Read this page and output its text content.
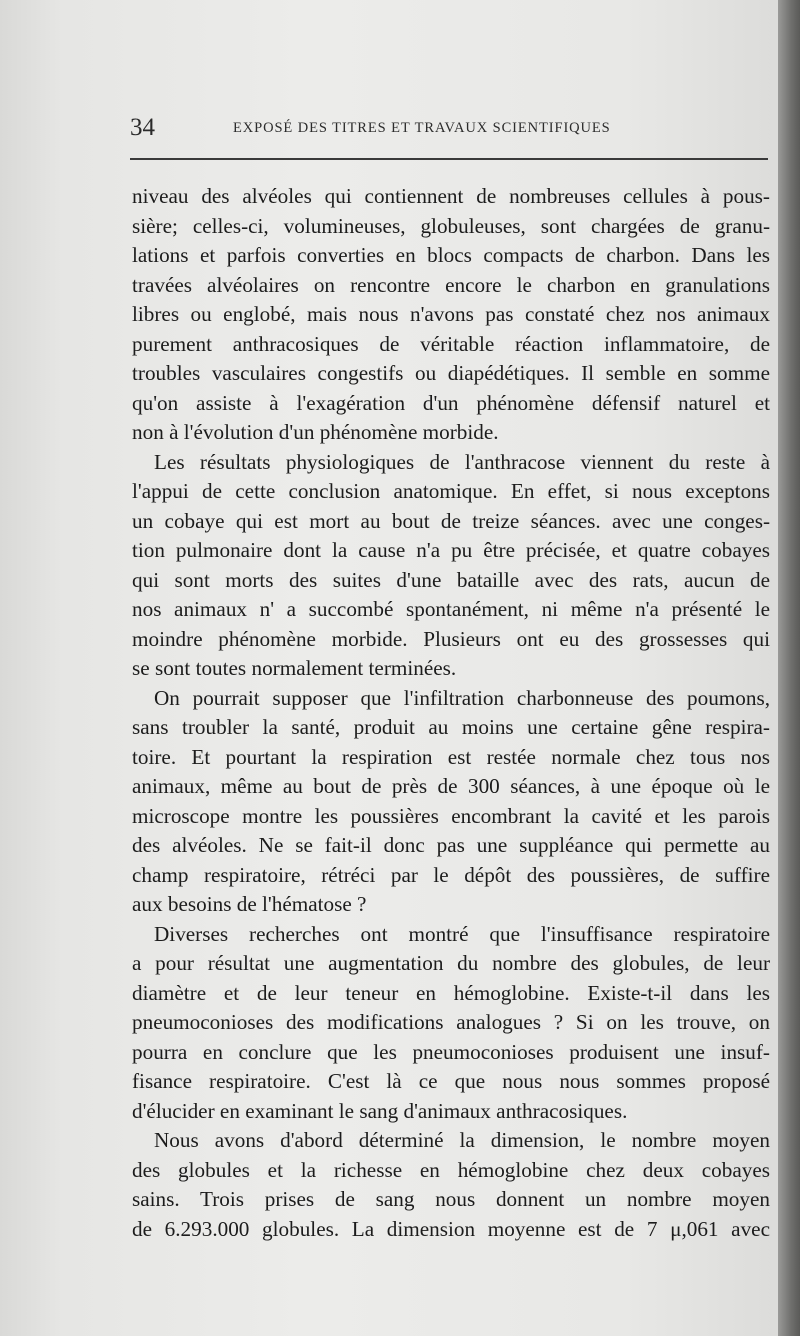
34	EXPOSÉ DES TITRES ET TRAVAUX SCIENTIFIQUES
niveau des alvéoles qui contiennent de nombreuses cellules à pous-
sière; celles-ci, volumineuses, globuleuses, sont chargées de granu-
lations et parfois converties en blocs compacts de charbon. Dans les
travées alvéolaires on rencontre encore le charbon en granulations
libres ou englobé, mais nous n'avons pas constaté chez nos animaux
purement anthracosiques de véritable réaction inflammatoire, de
troubles vasculaires congestifs ou diapédétiques. Il semble en somme
qu'on assiste à l'exagération d'un phénomène défensif naturel et
non à l'évolution d'un phénomène morbide.
Les résultats physiologiques de l'anthracose viennent du reste à
l'appui de cette conclusion anatomique. En effet, si nous exceptons
un cobaye qui est mort au bout de treize séances. avec une conges-
tion pulmonaire dont la cause n'a pu être précisée, et quatre cobayes
qui sont morts des suites d'une bataille avec des rats, aucun de
nos animaux n' a succombé spontanément, ni même n'a présenté le
moindre phénomène morbide. Plusieurs ont eu des grossesses qui
se sont toutes normalement terminées.
On pourrait supposer que l'infiltration charbonneuse des poumons,
sans troubler la santé, produit au moins une certaine gêne respira-
toire. Et pourtant la respiration est restée normale chez tous nos
animaux, même au bout de près de 300 séances, à une époque où le
microscope montre les poussières encombrant la cavité et les parois
des alvéoles. Ne se fait-il donc pas une suppléance qui permette au
champ respiratoire, rétréci par le dépôt des poussières, de suffire
aux besoins de l'hématose ?
Diverses recherches ont montré que l'insuffisance respiratoire
a pour résultat une augmentation du nombre des globules, de leur
diamètre et de leur teneur en hémoglobine. Existe-t-il dans les
pneumoconioses des modifications analogues ? Si on les trouve, on
pourra en conclure que les pneumoconioses produisent une insuf-
fisance respiratoire. C'est là ce que nous nous sommes proposé
d'élucider en examinant le sang d'animaux anthracosiques.
Nous avons d'abord déterminé la dimension, le nombre moyen
des globules et la richesse en hémoglobine chez deux cobayes
sains. Trois prises de sang nous donnent un nombre moyen
de 6.293.000 globules. La dimension moyenne est de 7 μ,061 avec
